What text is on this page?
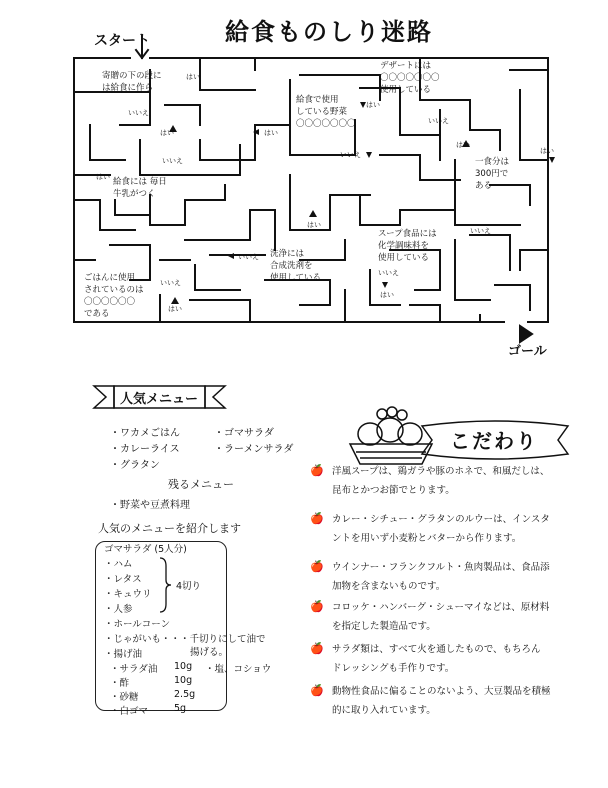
給食ものしり迷路
スタート
ゴール
寄贈の下の段に
は給食に作ら
給食で使用
している野菜
〇〇〇〇〇〇〇
デザートには
〇〇〇〇〇〇〇
使用している
給食には 毎日
牛乳がつく
一食分は
300円で
ある
スープ食品には
化学調味料を
使用している
洗浄には
合成洗剤を
使用している
ごはんに使用
されているのは
〇〇〇〇〇〇
である
はい
いいえ
はい
いいえ
はい
はい
はい
いいえ
いいえ
はい
はい
いいえ
はい
いいえ
はい
いいえ
いいえ
はい
人気メニュー
・ワカメごはん	・ゴマサラダ
・カレーライス	・ラーメンサラダ
・グラタン
残るメニュー
・野菜や豆煮料理
人気のメニューを紹介します
ゴマサラダ (5人分)
・ハム
・レタス
・キュウリ
・人参
4切り
・ホールコーン
・じゃがいも・・・千切りにして油で
揚げる。
・揚げ油
・サラダ油 10g ・塩、コショウ
・酢	10g
・砂糖	2.5g
・白ゴマ	5g
こだわり
🍎 洋風スープは、鶏ガラや豚のホネで、和風だしは、
昆布とかつお節でとります。
🍎 カレー・シチュー・グラタンのルウーは、インスタ
ントを用いず小麦粉とバターから作ります。
🍎 ウインナー・フランクフルト・魚肉製品は、食品添
加物を含まないものです。
🍎 コロッケ・ハンバーグ・シューマイなどは、原材料
を指定した製造品です。
🍎 サラダ類は、すべて火を通したもので、もちろん
ドレッシングも手作りです。
🍎 動物性食品に偏ることのないよう、大豆製品を積極
的に取り入れています。
